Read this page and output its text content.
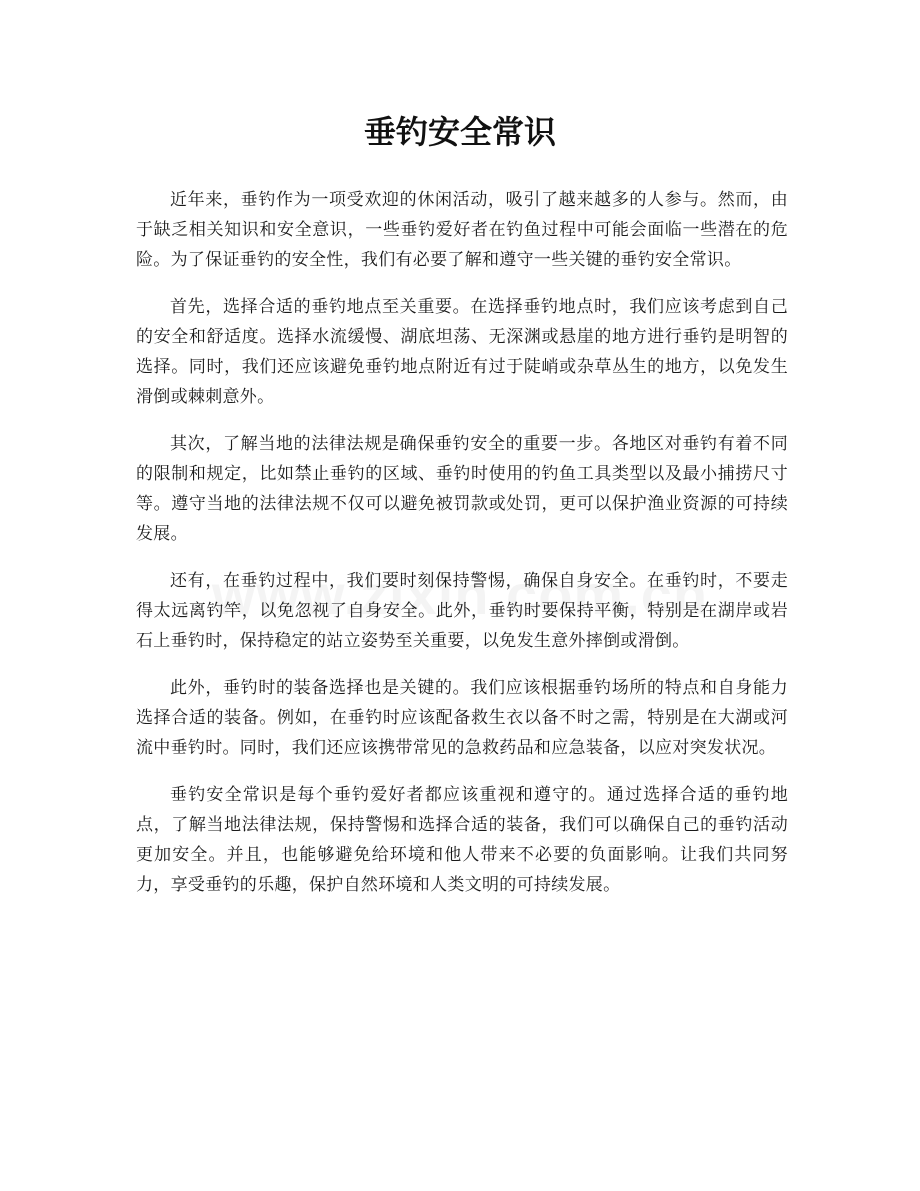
垂钓安全常识

近年来，垂钓作为一项受欢迎的休闲活动，吸引了越来越多的人参与。然而，由于缺乏相关知识和安全意识，一些垂钓爱好者在钓鱼过程中可能会面临一些潜在的危险。为了保证垂钓的安全性，我们有必要了解和遵守一些关键的垂钓安全常识。

首先，选择合适的垂钓地点至关重要。在选择垂钓地点时，我们应该考虑到自己的安全和舒适度。选择水流缓慢、湖底坦荡、无深渊或悬崖的地方进行垂钓是明智的选择。同时，我们还应该避免垂钓地点附近有过于陡峭或杂草丛生的地方，以免发生滑倒或棘刺意外。

其次，了解当地的法律法规是确保垂钓安全的重要一步。各地区对垂钓有着不同的限制和规定，比如禁止垂钓的区域、垂钓时使用的钓鱼工具类型以及最小捕捞尺寸等。遵守当地的法律法规不仅可以避免被罚款或处罚，更可以保护渔业资源的可持续发展。

还有，在垂钓过程中，我们要时刻保持警惕，确保自身安全。在垂钓时，不要走得太远离钓竿，以免忽视了自身安全。此外，垂钓时要保持平衡，特别是在湖岸或岩石上垂钓时，保持稳定的站立姿势至关重要，以免发生意外摔倒或滑倒。

此外，垂钓时的装备选择也是关键的。我们应该根据垂钓场所的特点和自身能力选择合适的装备。例如，在垂钓时应该配备救生衣以备不时之需，特别是在大湖或河流中垂钓时。同时，我们还应该携带常见的急救药品和应急装备，以应对突发状况。

垂钓安全常识是每个垂钓爱好者都应该重视和遵守的。通过选择合适的垂钓地点，了解当地法律法规，保持警惕和选择合适的装备，我们可以确保自己的垂钓活动更加安全。并且，也能够避免给环境和他人带来不必要的负面影响。让我们共同努力，享受垂钓的乐趣，保护自然环境和人类文明的可持续发展。
